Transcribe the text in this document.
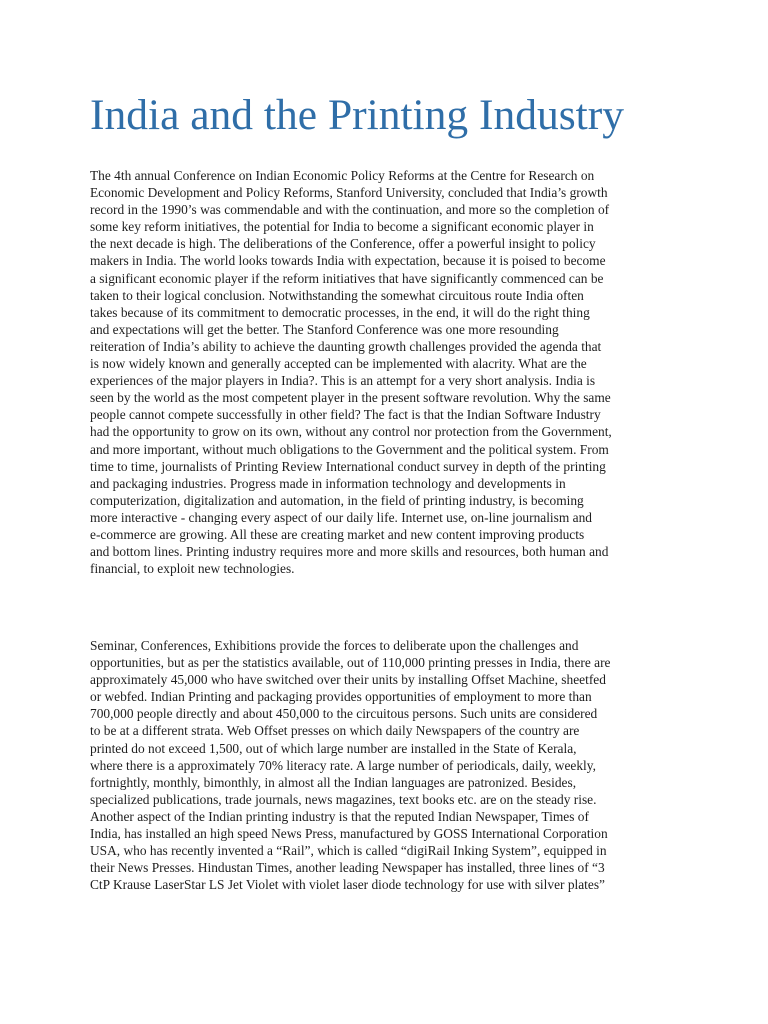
India and the Printing Industry

The 4th annual Conference on Indian Economic Policy Reforms at the Centre for Research on
Economic Development and Policy Reforms, Stanford University, concluded that India’s growth
record in the 1990’s was commendable and with the continuation, and more so the completion of
some key reform initiatives, the potential for India to become a significant economic player in
the next decade is high. The deliberations of the Conference, offer a powerful insight to policy
makers in India. The world looks towards India with expectation, because it is poised to become
a significant economic player if the reform initiatives that have significantly commenced can be
taken to their logical conclusion. Notwithstanding the somewhat circuitous route India often
takes because of its commitment to democratic processes, in the end, it will do the right thing
and expectations will get the better. The Stanford Conference was one more resounding
reiteration of India’s ability to achieve the daunting growth challenges provided the agenda that
is now widely known and generally accepted can be implemented with alacrity. What are the
experiences of the major players in India?. This is an attempt for a very short analysis. India is
seen by the world as the most competent player in the present software revolution. Why the same
people cannot compete successfully in other field? The fact is that the Indian Software Industry
had the opportunity to grow on its own, without any control nor protection from the Government,
and more important, without much obligations to the Government and the political system. From
time to time, journalists of Printing Review International conduct survey in depth of the printing
and packaging industries. Progress made in information technology and developments in
computerization, digitalization and automation, in the field of printing industry, is becoming
more interactive - changing every aspect of our daily life. Internet use, on-line journalism and
e-commerce are growing. All these are creating market and new content improving products
and bottom lines. Printing industry requires more and more skills and resources, both human and
financial, to exploit new technologies.

Seminar, Conferences, Exhibitions provide the forces to deliberate upon the challenges and
opportunities, but as per the statistics available, out of 110,000 printing presses in India, there are
approximately 45,000 who have switched over their units by installing Offset Machine, sheetfed
or webfed. Indian Printing and packaging provides opportunities of employment to more than
700,000 people directly and about 450,000 to the circuitous persons. Such units are considered
to be at a different strata. Web Offset presses on which daily Newspapers of the country are
printed do not exceed 1,500, out of which large number are installed in the State of Kerala,
where there is a approximately 70% literacy rate. A large number of periodicals, daily, weekly,
fortnightly, monthly, bimonthly, in almost all the Indian languages are patronized. Besides,
specialized publications, trade journals, news magazines, text books etc. are on the steady rise.
Another aspect of the Indian printing industry is that the reputed Indian Newspaper, Times of
India, has installed an high speed News Press, manufactured by GOSS International Corporation
USA, who has recently invented a “Rail”, which is called “digiRail Inking System”, equipped in
their News Presses. Hindustan Times, another leading Newspaper has installed, three lines of “3
CtP Krause LaserStar LS Jet Violet with violet laser diode technology for use with silver plates”
